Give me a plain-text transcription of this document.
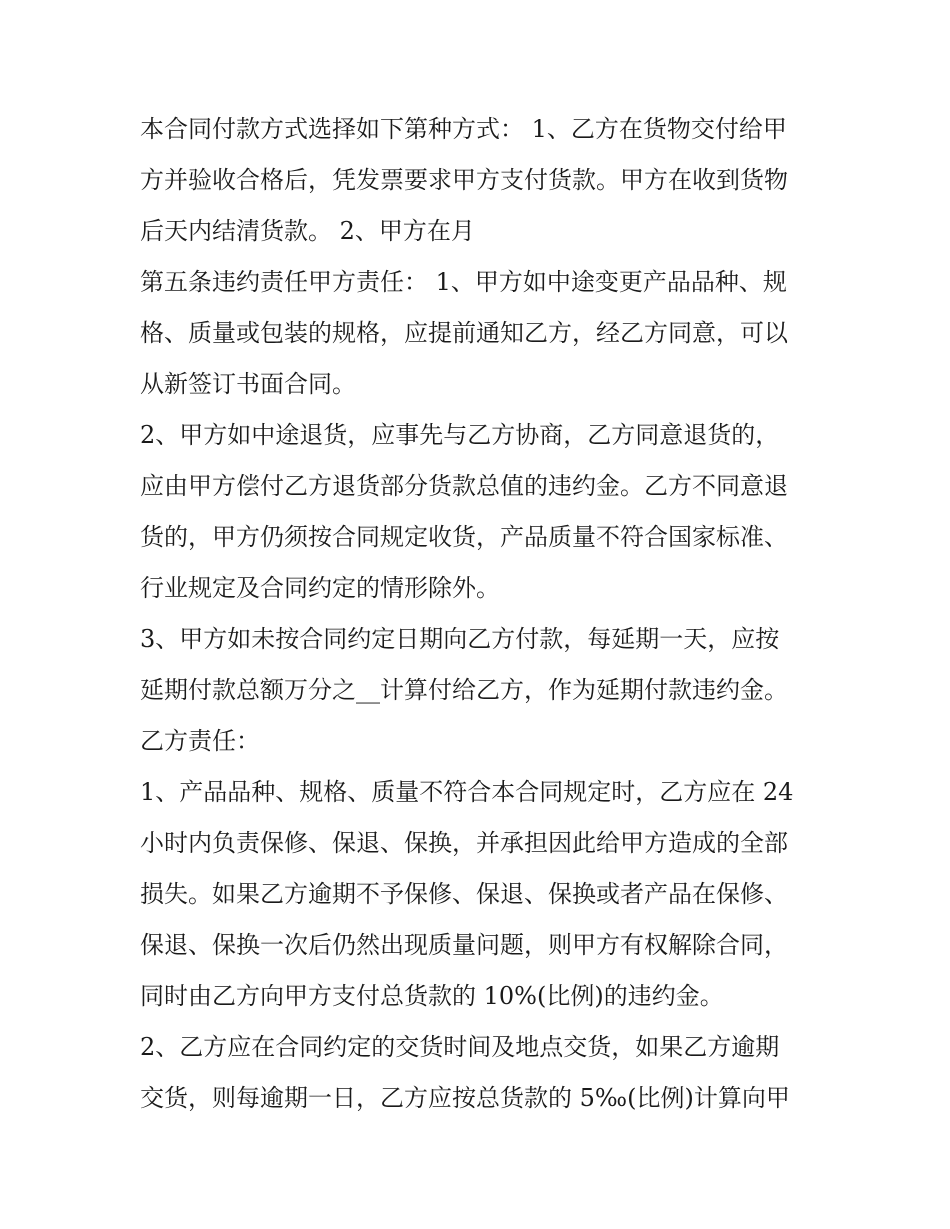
本合同付款方式选择如下第种方式： 1、乙方在货物交付给甲
方并验收合格后，凭发票要求甲方支付货款。甲方在收到货物
后天内结清货款。 2、甲方在月

第五条违约责任甲方责任： 1、甲方如中途变更产品品种、规
格、质量或包装的规格，应提前通知乙方，经乙方同意，可以
从新签订书面合同。

2、甲方如中途退货，应事先与乙方协商，乙方同意退货的，
应由甲方偿付乙方退货部分货款总值的违约金。乙方不同意退
货的，甲方仍须按合同规定收货，产品质量不符合国家标准、
行业规定及合同约定的情形除外。

3、甲方如未按合同约定日期向乙方付款，每延期一天，应按
延期付款总额万分之__计算付给乙方，作为延期付款违约金。

乙方责任：

1、产品品种、规格、质量不符合本合同规定时，乙方应在 24
小时内负责保修、保退、保换，并承担因此给甲方造成的全部
损失。如果乙方逾期不予保修、保退、保换或者产品在保修、
保退、保换一次后仍然出现质量问题，则甲方有权解除合同，
同时由乙方向甲方支付总货款的 10%(比例)的违约金。

2、乙方应在合同约定的交货时间及地点交货，如果乙方逾期
交货，则每逾期一日，乙方应按总货款的 5‰(比例)计算向甲
